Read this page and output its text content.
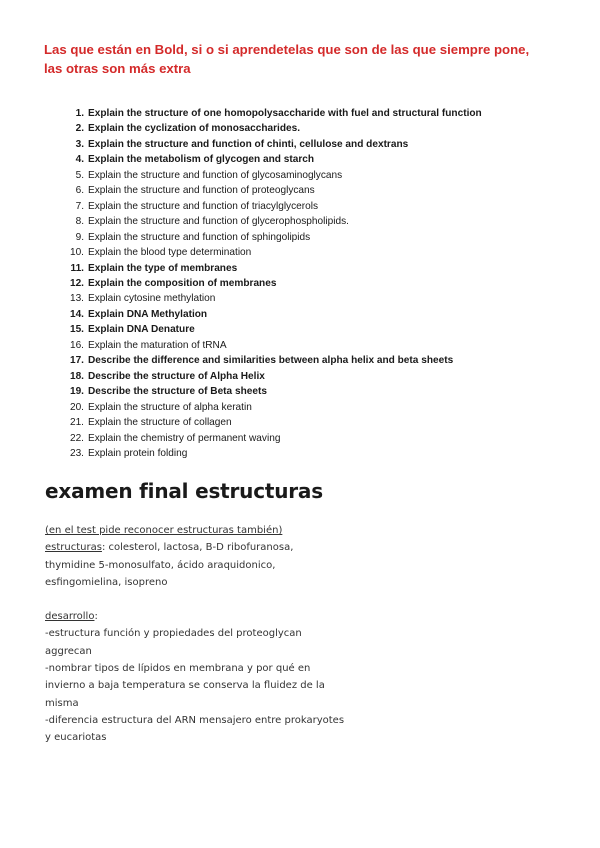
Las que están en Bold, si o si aprendetelas que son de las que siempre pone, las otras son más extra
1. Explain the structure of one homopolysaccharide with fuel and structural function
2. Explain the cyclization of monosaccharides.
3. Explain the structure and function of chinti, cellulose and dextrans
4. Explain the metabolism of glycogen and starch
5. Explain the structure and function of glycosaminoglycans
6. Explain the structure and function of proteoglycans
7. Explain the structure and function of triacylglycerols
8. Explain the structure and function of glycerophospholipids.
9. Explain the structure and function of sphingolipids
10. Explain the blood type determination
11. Explain the type of membranes
12. Explain the composition of membranes
13. Explain cytosine methylation
14. Explain DNA Methylation
15. Explain DNA Denature
16. Explain the maturation of tRNA
17. Describe the difference and similarities between alpha helix and beta sheets
18. Describe the structure of Alpha Helix
19. Describe the structure of Beta sheets
20. Explain the structure of alpha keratin
21. Explain the structure of collagen
22. Explain the chemistry of permanent waving
23. Explain protein folding
examen final estructuras

(en el test pide reconocer estructuras también)

estructuras: colesterol, lactosa, B-D ribofuranosa, thymidine 5-monosulfato, ácido araquidonico, esfingomielina, isopreno

desarrollo:

-estructura función y propiedades del proteoglycan aggrecan

-nombrar tipos de lípidos en membrana y por qué en invierno a baja temperatura se conserva la fluidez de la misma

-diferencia estructura del ARN mensajero entre prokaryotes y eucariotas
